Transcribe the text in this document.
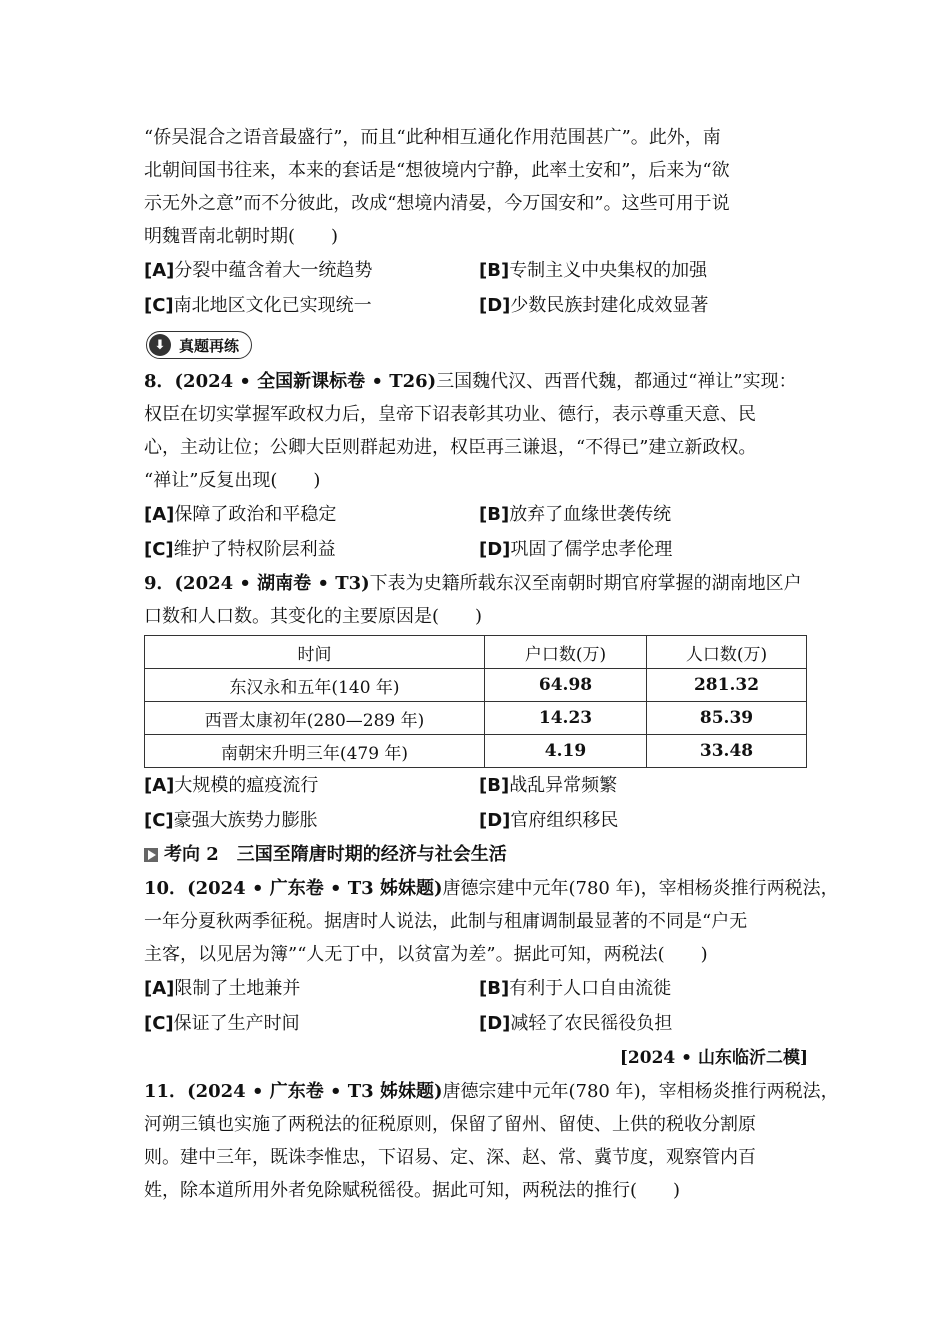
“侨吴混合之语音最盛行”，而且“此种相互通化作用范围甚广”。此外，南
北朝间国书往来，本来的套话是“想彼境内宁静，此率土安和”，后来为“欲
示无外之意”而不分彼此，改成“想境内清晏，今万国安和”。这些可用于说
明魏晋南北朝时期(　　)
[A]分裂中蕴含着大一统趋势	[B]专制主义中央集权的加强
[C]南北地区文化已实现统一	[D]少数民族封建化成效显著
⬇ 真题再练
8．(2024 • 全国新课标卷 • T26)三国魏代汉、西晋代魏，都通过“禅让”实现：
权臣在切实掌握军政权力后，皇帝下诏表彰其功业、德行，表示尊重天意、民
心，主动让位；公卿大臣则群起劝进，权臣再三谦退，“不得已”建立新政权。
“禅让”反复出现(　　)
[A]保障了政治和平稳定	[B]放弃了血缘世袭传统
[C]维护了特权阶层利益	[D]巩固了儒学忠孝伦理
9．(2024 • 湖南卷 • T3)下表为史籍所载东汉至南朝时期官府掌握的湖南地区户
口数和人口数。其变化的主要原因是(　　)
时间	户口数(万)	人口数(万)
东汉永和五年(140 年)	64.98	281.32
西晋太康初年(280—289 年)	14.23	85.39
南朝宋升明三年(479 年)	4.19	33.48
[A]大规模的瘟疫流行	[B]战乱异常频繁
[C]豪强大族势力膨胀	[D]官府组织移民
考向 2　三国至隋唐时期的经济与社会生活
10．(2024 • 广东卷 • T3 姊妹题)唐德宗建中元年(780 年)，宰相杨炎推行两税法，
一年分夏秋两季征税。据唐时人说法，此制与租庸调制最显著的不同是“户无
主客，以见居为簿”“人无丁中，以贫富为差”。据此可知，两税法(　　)
[A]限制了土地兼并	[B]有利于人口自由流徙
[C]保证了生产时间	[D]减轻了农民徭役负担
[2024 • 山东临沂二模]
11．(2024 • 广东卷 • T3 姊妹题)唐德宗建中元年(780 年)，宰相杨炎推行两税法，
河朔三镇也实施了两税法的征税原则，保留了留州、留使、上供的税收分割原
则。建中三年，既诛李惟忠，下诏易、定、深、赵、常、冀节度，观察管内百
姓，除本道所用外者免除赋税徭役。据此可知，两税法的推行(　　)
